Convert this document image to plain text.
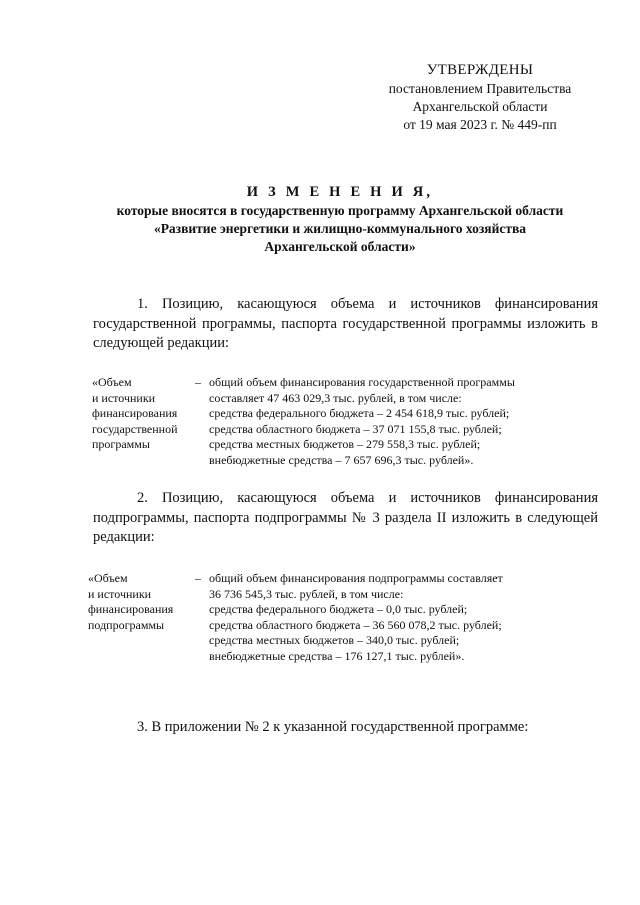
УТВЕРЖДЕНЫ
постановлением Правительства
Архангельской области
от 19 мая 2023 г. № 449-пп
И З М Е Н Е Н И Я,
которые вносятся в государственную программу Архангельской области
«Развитие энергетики и жилищно-коммунального хозяйства
Архангельской области»
1. Позицию, касающуюся объема и источников финансирования государственной программы, паспорта государственной программы изложить в следующей редакции:
«Объем
и источники
финансирования
государственной
программы
– общий объем финансирования государственной программы
составляет 47 463 029,3 тыс. рублей, в том числе:
средства федерального бюджета – 2 454 618,9 тыс. рублей;
средства областного бюджета – 37 071 155,8 тыс. рублей;
средства местных бюджетов – 279 558,3 тыс. рублей;
внебюджетные средства – 7 657 696,3 тыс. рублей».
2. Позицию, касающуюся объема и источников финансирования подпрограммы, паспорта подпрограммы № 3 раздела II изложить в следующей редакции:
«Объем
и источники
финансирования
подпрограммы
– общий объем финансирования подпрограммы составляет
36 736 545,3 тыс. рублей, в том числе:
средства федерального бюджета – 0,0 тыс. рублей;
средства областного бюджета – 36 560 078,2 тыс. рублей;
средства местных бюджетов – 340,0 тыс. рублей;
внебюджетные средства – 176 127,1 тыс. рублей».
3. В приложении № 2 к указанной государственной программе:
